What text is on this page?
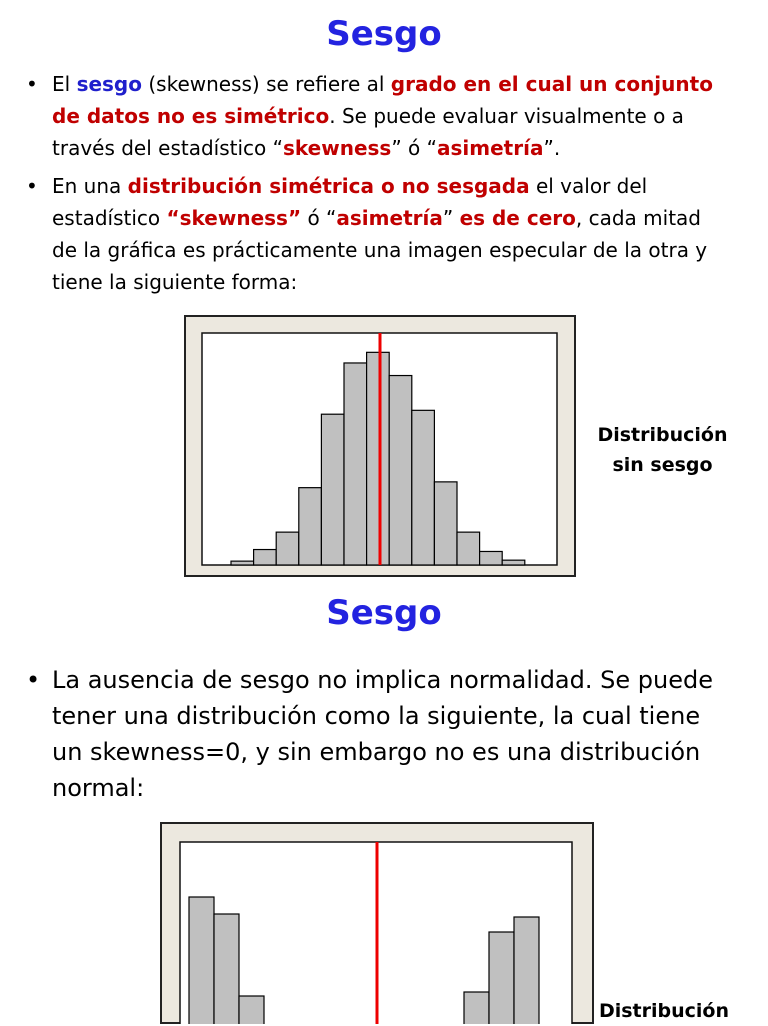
Sesgo
• El sesgo (skewness) se refiere al grado en el cual un conjunto de datos no es simétrico. Se puede evaluar visualmente o a través del estadístico “skewness” ó “asimetría”.
• En una distribución simétrica o no sesgada el valor del estadístico “skewness” ó “asimetría” es de cero, cada mitad de la gráfica es prácticamente una imagen especular de la otra y tiene la siguiente forma:
Distribución
sin sesgo
Sesgo
• La ausencia de sesgo no implica normalidad. Se puede tener una distribución como la siguiente, la cual tiene un skewness=0, y sin embargo no es una distribución normal:
Distribución
